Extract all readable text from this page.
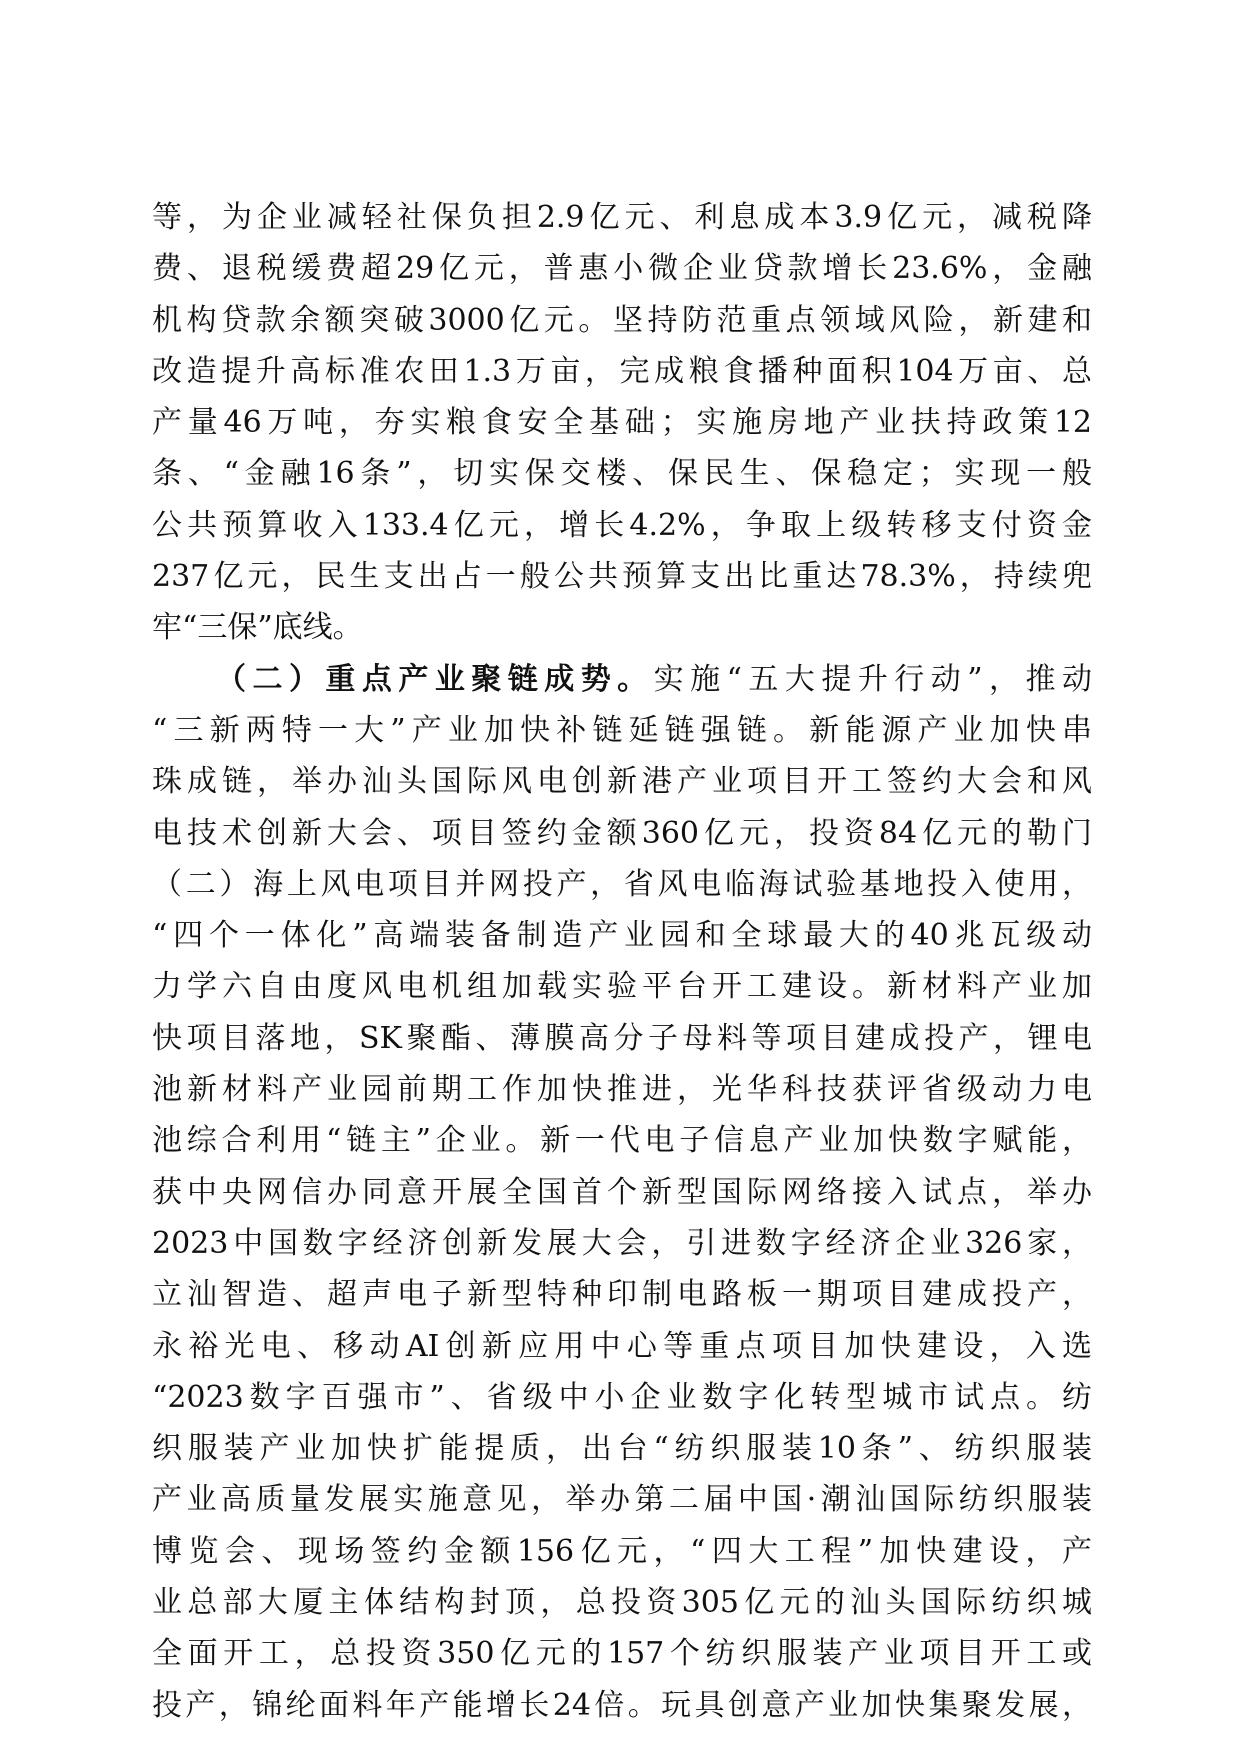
等，为企业减轻社保负担2.9亿元、利息成本3.9亿元，减税降
费、退税缓费超29亿元，普惠小微企业贷款增长23.6%，金融
机构贷款余额突破3000亿元。坚持防范重点领域风险，新建和
改造提升高标准农田1.3万亩，完成粮食播种面积104万亩、总
产量46万吨，夯实粮食安全基础；实施房地产业扶持政策12
条、“金融16条”，切实保交楼、保民生、保稳定；实现一般
公共预算收入133.4亿元，增长4.2%，争取上级转移支付资金
237亿元，民生支出占一般公共预算支出比重达78.3%，持续兜
牢“三保”底线。
（二）重点产业聚链成势。实施“五大提升行动”，推动
“三新两特一大”产业加快补链延链强链。新能源产业加快串
珠成链，举办汕头国际风电创新港产业项目开工签约大会和风
电技术创新大会、项目签约金额360亿元，投资84亿元的勒门
（二）海上风电项目并网投产，省风电临海试验基地投入使用，
“四个一体化”高端装备制造产业园和全球最大的40兆瓦级动
力学六自由度风电机组加载实验平台开工建设。新材料产业加
快项目落地，SK聚酯、薄膜高分子母料等项目建成投产，锂电
池新材料产业园前期工作加快推进，光华科技获评省级动力电
池综合利用“链主”企业。新一代电子信息产业加快数字赋能，
获中央网信办同意开展全国首个新型国际网络接入试点，举办
2023中国数字经济创新发展大会，引进数字经济企业326家，
立汕智造、超声电子新型特种印制电路板一期项目建成投产，
永裕光电、移动AI创新应用中心等重点项目加快建设，入选
“2023数字百强市”、省级中小企业数字化转型城市试点。纺
织服装产业加快扩能提质，出台“纺织服装10条”、纺织服装
产业高质量发展实施意见，举办第二届中国·潮汕国际纺织服装
博览会、现场签约金额156亿元，“四大工程”加快建设，产
业总部大厦主体结构封顶，总投资305亿元的汕头国际纺织城
全面开工，总投资350亿元的157个纺织服装产业项目开工或
投产，锦纶面料年产能增长24倍。玩具创意产业加快集聚发展，
